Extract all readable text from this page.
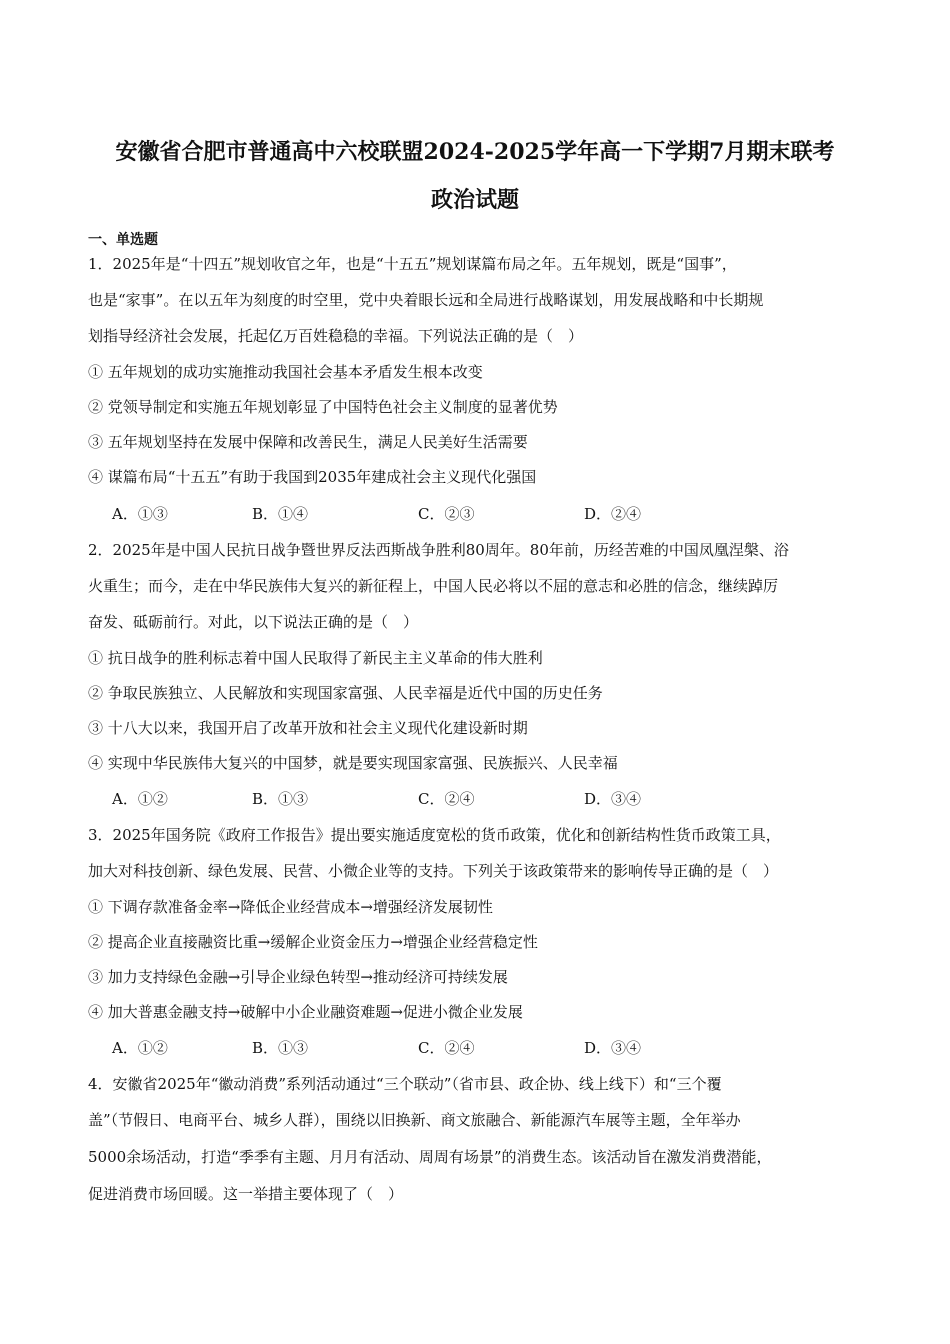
安徽省合肥市普通高中六校联盟2024-2025学年高一下学期7月期末联考
政治试题
一、单选题
1．2025年是“十四五”规划收官之年，也是“十五五”规划谋篇布局之年。五年规划，既是“国事”，
也是“家事”。在以五年为刻度的时空里，党中央着眼长远和全局进行战略谋划，用发展战略和中长期规
划指导经济社会发展，托起亿万百姓稳稳的幸福。下列说法正确的是（　）
① 五年规划的成功实施推动我国社会基本矛盾发生根本改变
② 党领导制定和实施五年规划彰显了中国特色社会主义制度的显著优势
③ 五年规划坚持在发展中保障和改善民生，满足人民美好生活需要
④ 谋篇布局“十五五”有助于我国到2035年建成社会主义现代化强国
A．①③	B．①④	C．②③	D．②④
2．2025年是中国人民抗日战争暨世界反法西斯战争胜利80周年。80年前，历经苦难的中国凤凰涅槃、浴
火重生；而今，走在中华民族伟大复兴的新征程上，中国人民必将以不屈的意志和必胜的信念，继续踔厉
奋发、砥砺前行。对此，以下说法正确的是（　）
① 抗日战争的胜利标志着中国人民取得了新民主主义革命的伟大胜利
② 争取民族独立、人民解放和实现国家富强、人民幸福是近代中国的历史任务
③ 十八大以来，我国开启了改革开放和社会主义现代化建设新时期
④ 实现中华民族伟大复兴的中国梦，就是要实现国家富强、民族振兴、人民幸福
A．①②	B．①③	C．②④	D．③④
3．2025年国务院《政府工作报告》提出要实施适度宽松的货币政策，优化和创新结构性货币政策工具，
加大对科技创新、绿色发展、民营、小微企业等的支持。下列关于该政策带来的影响传导正确的是（　）
① 下调存款准备金率→降低企业经营成本→增强经济发展韧性
② 提高企业直接融资比重→缓解企业资金压力→增强企业经营稳定性
③ 加力支持绿色金融→引导企业绿色转型→推动经济可持续发展
④ 加大普惠金融支持→破解中小企业融资难题→促进小微企业发展
A．①②	B．①③	C．②④	D．③④
4．安徽省2025年“徽动消费”系列活动通过“三个联动”（省市县、政企协、线上线下）和“三个覆
盖”（节假日、电商平台、城乡人群），围绕以旧换新、商文旅融合、新能源汽车展等主题，全年举办
5000余场活动，打造“季季有主题、月月有活动、周周有场景”的消费生态。该活动旨在激发消费潜能，
促进消费市场回暖。这一举措主要体现了（　）
